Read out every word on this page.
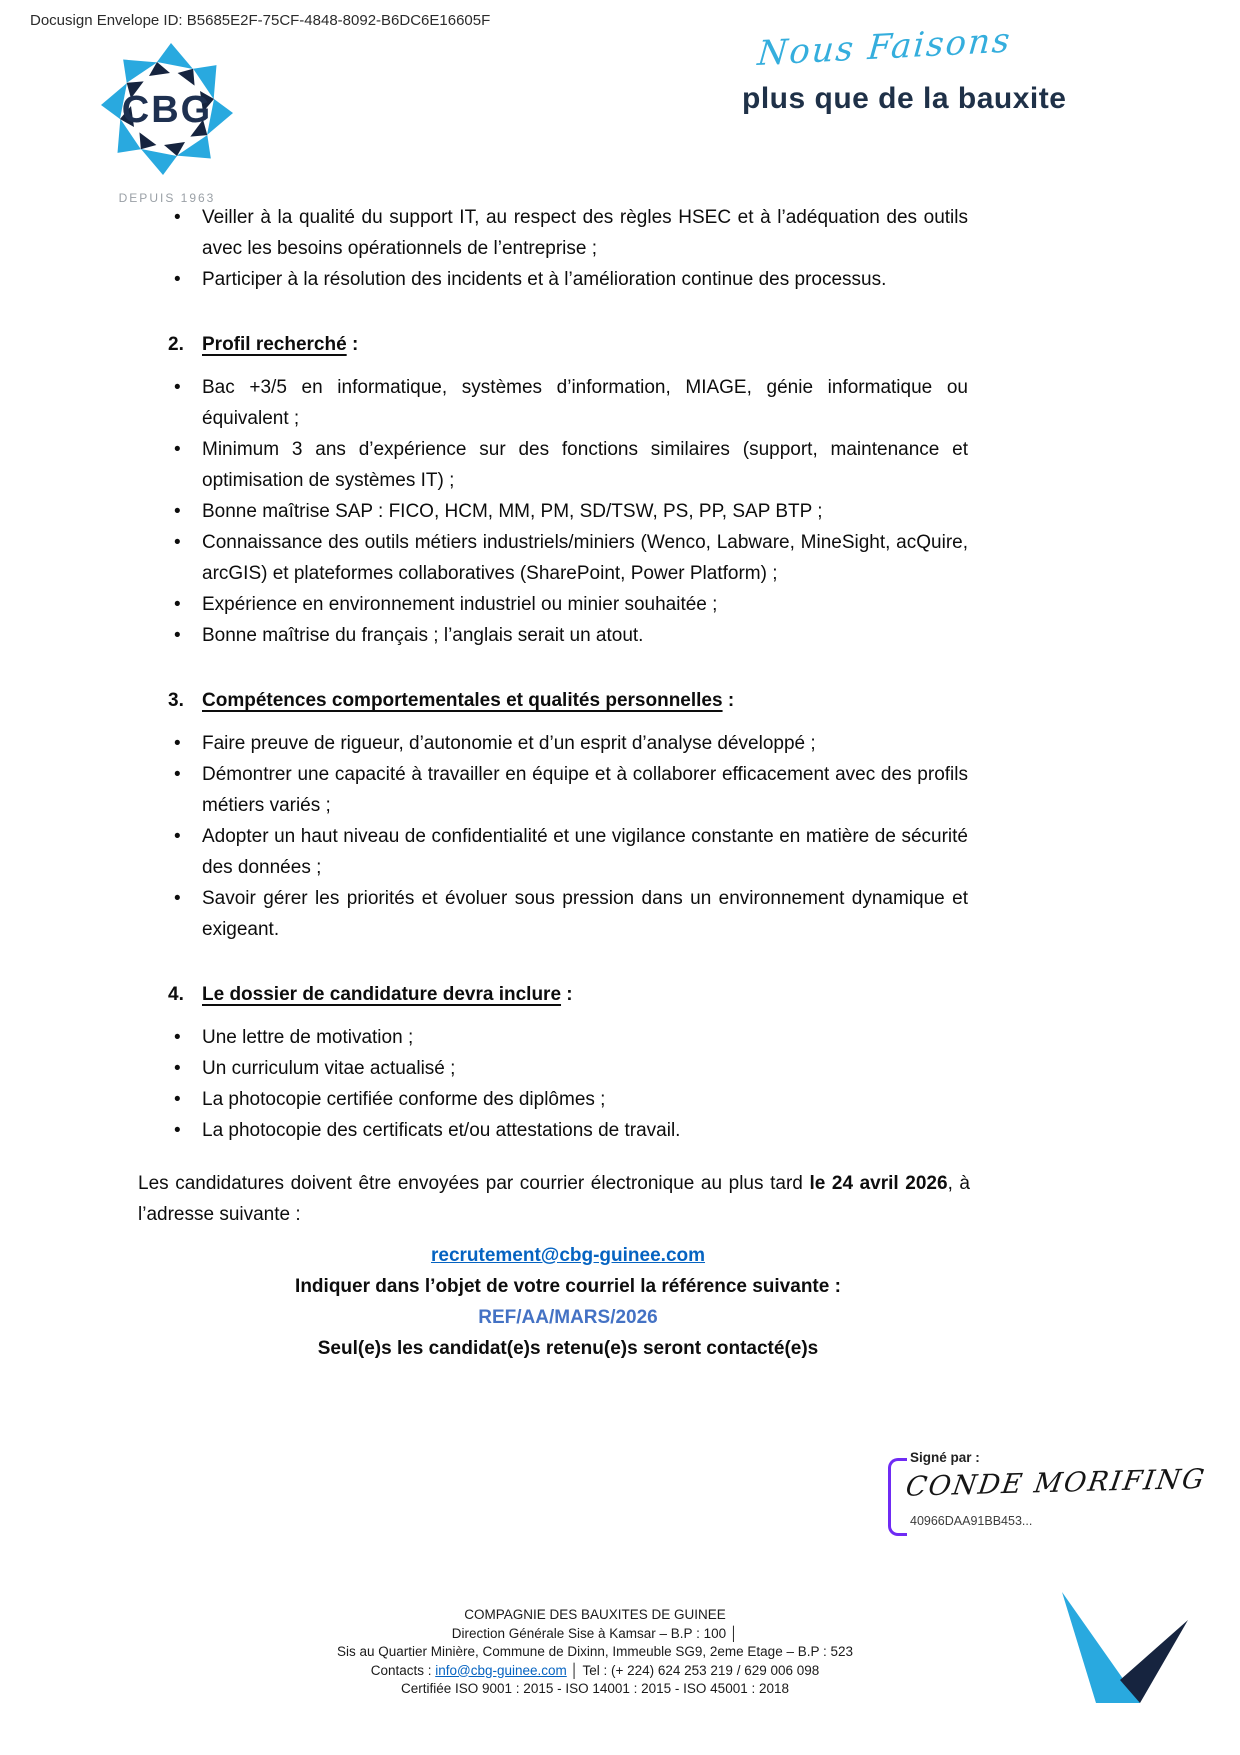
Docusign Envelope ID: B5685E2F-75CF-4848-8092-B6DC6E16605F
CBG
DEPUIS 1963
Nous Faisons
plus que de la bauxite
• Veiller à la qualité du support IT, au respect des règles HSEC et à l’adéquation des outils avec les besoins opérationnels de l’entreprise ;
• Participer à la résolution des incidents et à l’amélioration continue des processus.
2. Profil recherché :
• Bac +3/5 en informatique, systèmes d’information, MIAGE, génie informatique ou équivalent ;
• Minimum 3 ans d’expérience sur des fonctions similaires (support, maintenance et optimisation de systèmes IT) ;
• Bonne maîtrise SAP : FICO, HCM, MM, PM, SD/TSW, PS, PP, SAP BTP ;
• Connaissance des outils métiers industriels/miniers (Wenco, Labware, MineSight, acQuire, arcGIS) et plateformes collaboratives (SharePoint, Power Platform) ;
• Expérience en environnement industriel ou minier souhaitée ;
• Bonne maîtrise du français ; l’anglais serait un atout.
3. Compétences comportementales et qualités personnelles :
• Faire preuve de rigueur, d’autonomie et d’un esprit d’analyse développé ;
• Démontrer une capacité à travailler en équipe et à collaborer efficacement avec des profils métiers variés ;
• Adopter un haut niveau de confidentialité et une vigilance constante en matière de sécurité des données ;
• Savoir gérer les priorités et évoluer sous pression dans un environnement dynamique et exigeant.
4. Le dossier de candidature devra inclure :
• Une lettre de motivation ;
• Un curriculum vitae actualisé ;
• La photocopie certifiée conforme des diplômes ;
• La photocopie des certificats et/ou attestations de travail.
Les candidatures doivent être envoyées par courrier électronique au plus tard le 24 avril 2026, à l’adresse suivante :
recrutement@cbg-guinee.com
Indiquer dans l’objet de votre courriel la référence suivante :
REF/AA/MARS/2026
Seul(e)s les candidat(e)s retenu(e)s seront contacté(e)s
Signé par :
CONDE MORIFING
40966DAA91BB453...
COMPAGNIE DES BAUXITES DE GUINEE
Direction Générale Sise à Kamsar – B.P : 100 │
Sis au Quartier Minière, Commune de Dixinn, Immeuble SG9, 2eme Etage – B.P : 523
Contacts : info@cbg-guinee.com │ Tel : (+ 224) 624 253 219 / 629 006 098
Certifiée ISO 9001 : 2015 - ISO 14001 : 2015 - ISO 45001 : 2018
